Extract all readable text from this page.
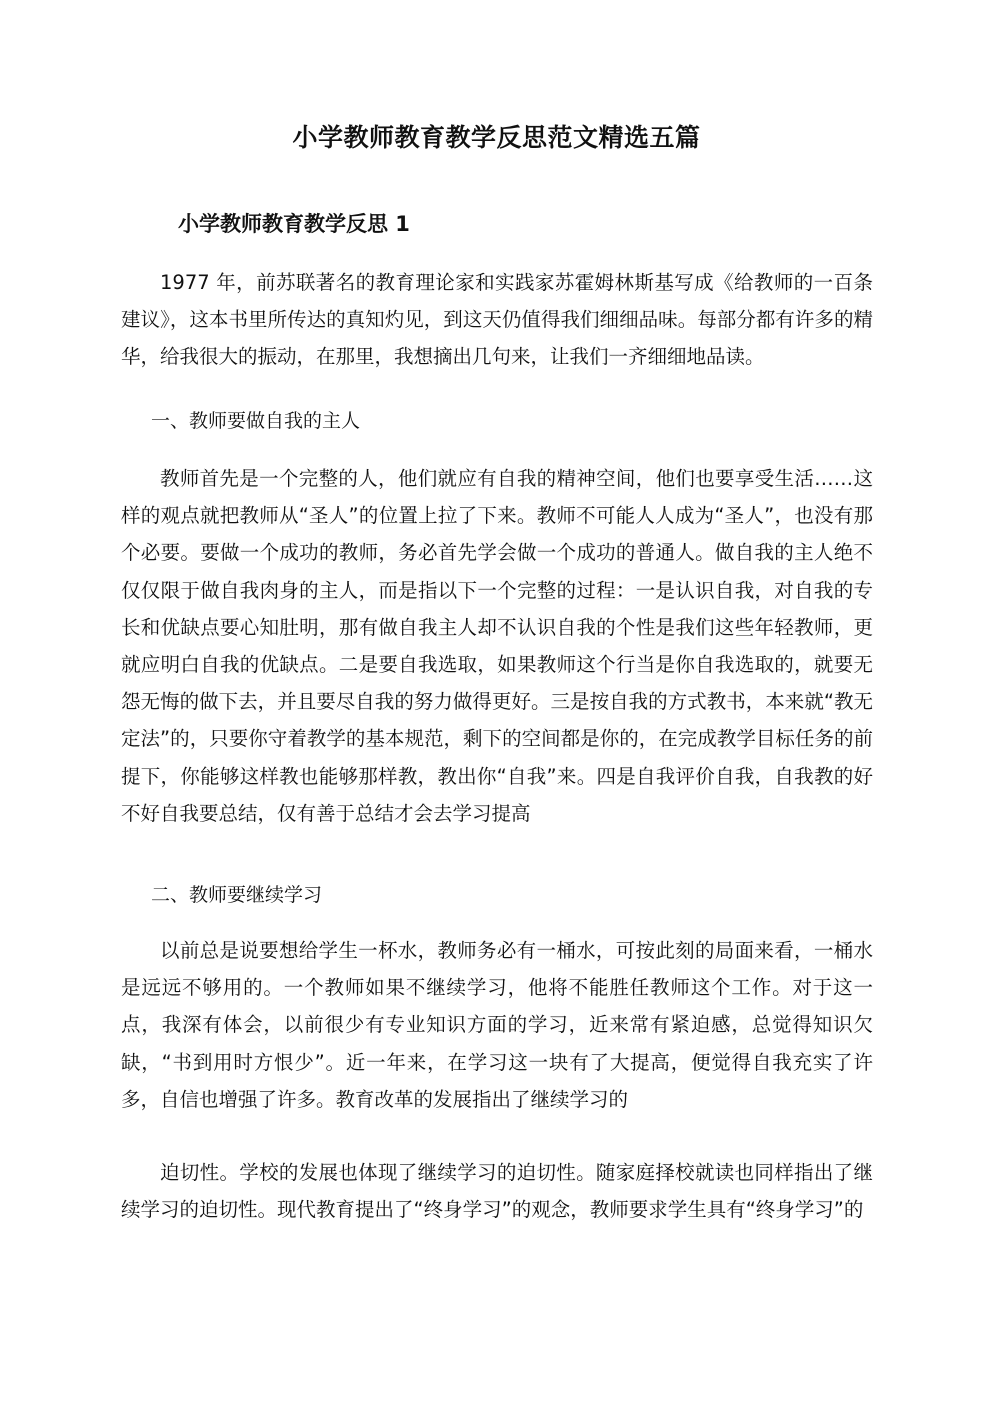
小学教师教育教学反思范文精选五篇
小学教师教育教学反思 1

1977 年，前苏联著名的教育理论家和实践家苏霍姆林斯基写成《给教师的一百条建议》，这本书里所传达的真知灼见，到这天仍值得我们细细品味。每部分都有许多的精华，给我很大的振动，在那里，我想摘出几句来，让我们一齐细细地品读。

一、教师要做自我的主人

教师首先是一个完整的人，他们就应有自我的精神空间，他们也要享受生活……这样的观点就把教师从“圣人”的位置上拉了下来。教师不可能人人成为“圣人”，也没有那个必要。要做一个成功的教师，务必首先学会做一个成功的普通人。做自我的主人绝不仅仅限于做自我肉身的主人，而是指以下一个完整的过程：一是认识自我，对自我的专长和优缺点要心知肚明，那有做自我主人却不认识自我的个性是我们这些年轻教师，更就应明白自我的优缺点。二是要自我选取，如果教师这个行当是你自我选取的，就要无怨无悔的做下去，并且要尽自我的努力做得更好。三是按自我的方式教书，本来就“教无定法”的，只要你守着教学的基本规范，剩下的空间都是你的，在完成教学目标任务的前提下，你能够这样教也能够那样教，教出你“自我”来。四是自我评价自我，自我教的好不好自我要总结，仅有善于总结才会去学习提高

二、教师要继续学习

以前总是说要想给学生一杯水，教师务必有一桶水，可按此刻的局面来看，一桶水是远远不够用的。一个教师如果不继续学习，他将不能胜任教师这个工作。对于这一点，我深有体会，以前很少有专业知识方面的学习，近来常有紧迫感，总觉得知识欠缺，“书到用时方恨少”。近一年来，在学习这一块有了大提高，便觉得自我充实了许多，自信也增强了许多。教育改革的发展指出了继续学习的

迫切性。学校的发展也体现了继续学习的迫切性。随家庭择校就读也同样指出了继续学习的迫切性。现代教育提出了“终身学习”的观念，教师要求学生具有“终身学习”的
